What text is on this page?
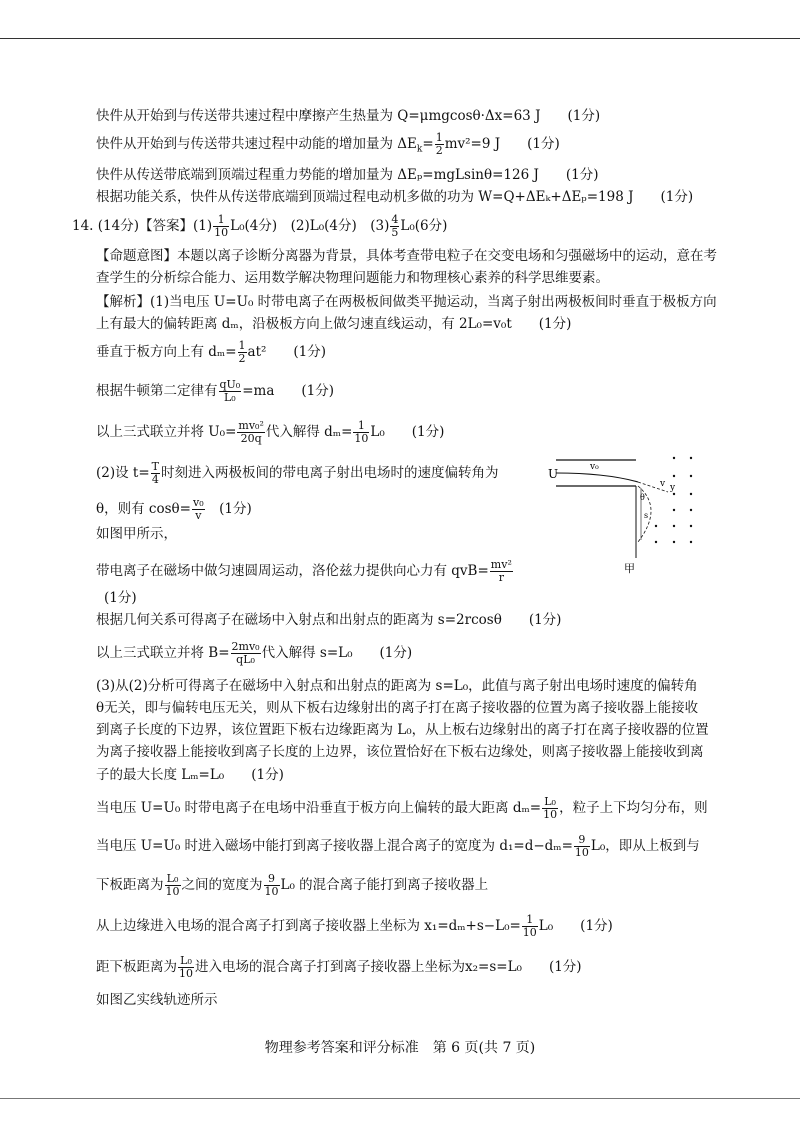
快件从开始到与传送带共速过程中摩擦产生热量为 Q=μmgcosθ·Δx=63 J　　(1分)
快件从开始到与传送带共速过程中动能的增加量为 $\Delta E_k= \frac{1}{2} mv^2=9$ J　　(1分)
快件从传送带底端到顶端过程重力势能的增加量为 ΔEₚ=mgLsinθ=126 J　　(1分)
根据功能关系，快件从传送带底端到顶端过程电动机多做的功为 W=Q+ΔEₖ+ΔEₚ=198 J　　(1分)
14. (14分)【答案】$(1) \frac{1}{10} L_0(4$分)　(2)L₀(4分)　$(3) \frac{4}{5} L_0(6$分)
【命题意图】本题以离子诊断分离器为背景，具体考查带电粒子在交变电场和匀强磁场中的运动，意在考
查学生的分析综合能力、运用数学解决物理问题能力和物理核心素养的科学思维要素。
【解析】(1)当电压 U=U₀ 时带电离子在两极板间做类平抛运动，当离子射出两极板间时垂直于极板方向
上有最大的偏转距离 dₘ，沿极板方向上做匀速直线运动，有 2L₀=v₀t　　(1分)
垂直于板方向上有 $d_m= \frac{1}{2} at^2$　　(1分)
根据牛顿第二定律有 $\frac{\text{qU₀}}{\text{L₀}} =ma$　　(1分)
以上三式联立并将 $U_0= \frac{\text{mv₀²}}{20q}$ 代入解得 $d_m= \frac{1}{10} L_0$　　(1分)
(2)设 $t= \frac{T}{4}$ 时刻进入两极板间的带电离子射出电场时的速度偏转角为
θ，则有 $\cos\theta= \frac{\text{v₀}}{v}$ 　(1分)
如图甲所示，
带电离子在磁场中做匀速圆周运动，洛伦兹力提供向心力有 $qvB= \frac{\text{mv²}}{r}$
(1分)
根据几何关系可得离子在磁场中入射点和出射点的距离为 s=2rcosθ　　(1分)
以上三式联立并将 $B= \frac{\text{2mv₀}}{\text{qL₀}}$ 代入解得 s=L₀　　(1分)
(3)从(2)分析可得离子在磁场中入射点和出射点的距离为 s=L₀，此值与离子射出电场时速度的偏转角
θ无关，即与偏转电压无关，则从下板右边缘射出的离子打在离子接收器的位置为离子接收器上能接收
到离子长度的下边界，该位置距下板右边缘距离为 L₀，从上板右边缘射出的离子打在离子接收器的位置
为离子接收器上能接收到离子长度的上边界，该位置恰好在下板右边缘处，则离子接收器上能接收到离
子的最大长度 Lₘ=L₀　　(1分)
当电压 U=U₀ 时带电离子在电场中沿垂直于板方向上偏转的最大距离 $d_m= \frac{\text{L₀}}{10}$ ，粒子上下均匀分布，则
当电压 U=U₀ 时进入磁场中能打到离子接收器上混合离子的宽度为 $d_1=d-d_m= \frac{9}{10} L_0$，即从上板到与
下板距离为 $\frac{\text{L₀}}{10}$ 之间的宽度为 $\frac{9}{10} L_0$ 的混合离子能打到离子接收器上
从上边缘进入电场的混合离子打到离子接收器上坐标为 $x_1=d_m+s-L_0= \frac{1}{10} L_0$　　(1分)
距下板距离为 $\frac{\text{L₀}}{10}$ 进入电场的混合离子打到离子接收器上坐标为x₂=s=L₀　　(1分)
如图乙实线轨迹所示
U	v₀
v y
θ
s
甲
物理参考答案和评分标准　第 6 页(共 7 页)
